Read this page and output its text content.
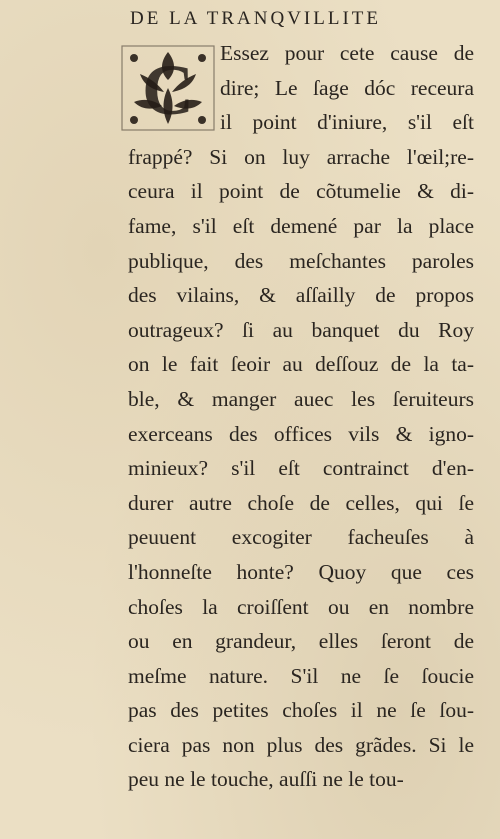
DE LA TRANQVILLITE
C Essez pour cete cause de
dire; Le ſage dóc receura
il point d'iniure, s'il eſt
frappé? Si on luy arrache l'œil;re-
ceura il point de cõtumelie & di-
fame, s'il eſt demené par la place
publique, des meſchantes paroles
des vilains, & aſſailly de propos
outrageux? ſi au banquet du Roy
on le fait ſeoir au deſſouz de la ta-
ble, & manger auec les ſeruiteurs
exerceans des offices vils & igno-
minieux? s'il eſt contrainct d'en-
durer autre choſe de celles, qui ſe
peuuent excogiter facheuſes à
l'honneſte honte? Quoy que ces
choſes la croiſſent ou en nombre
ou en grandeur, elles ſeront de
meſme nature. S'il ne ſe ſoucie
pas des petites choſes il ne ſe ſou-
ciera pas non plus des grãdes. Si le
peu ne le touche, auſſi ne le tou-
